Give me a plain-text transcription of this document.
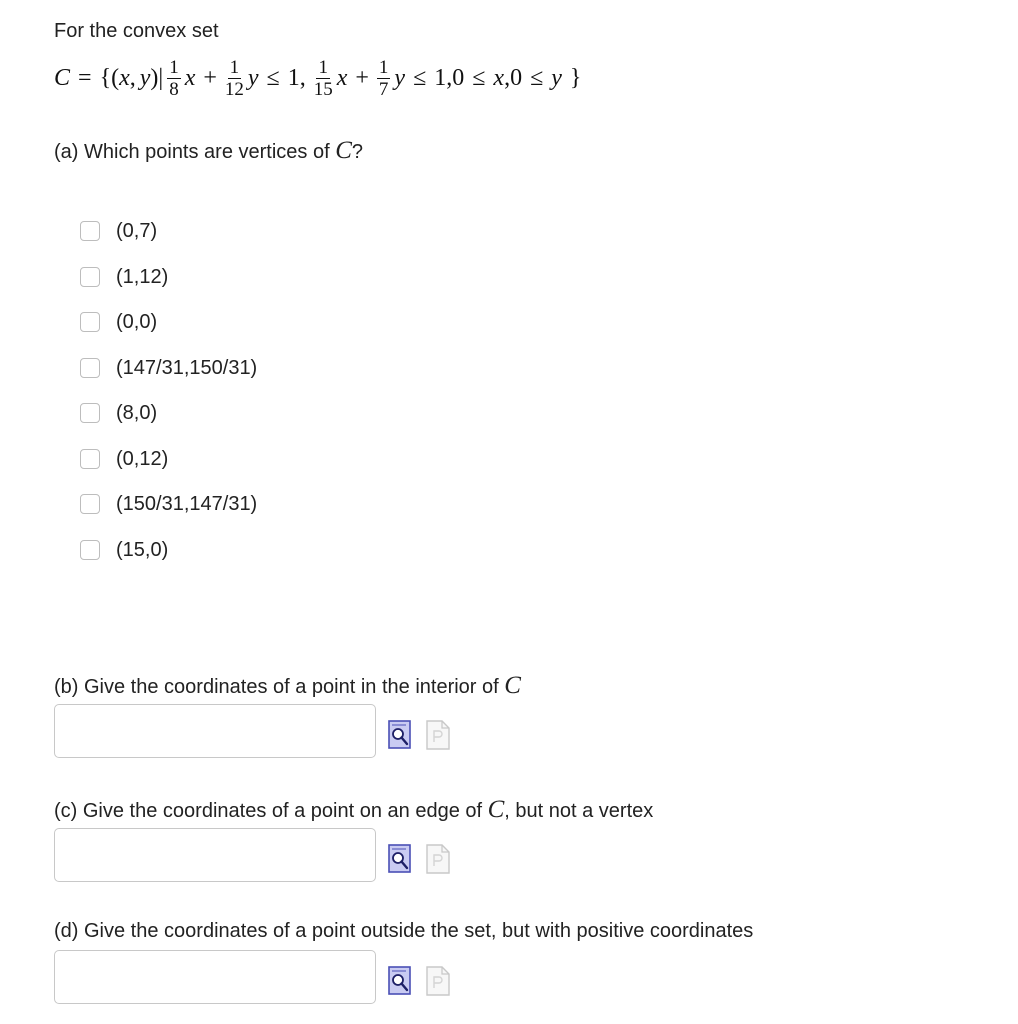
For the convex set
C = {( x , y )| $\frac{1}{8}$ $x + \frac{1}{12}$ y ≤ 1 , $\frac{1}{15}$ $x + \frac{1}{7}$ y ≤ 1 , 0 ≤ x , 0 ≤ y }
(a) Which points are vertices of C?
(0,7)
(1,12)
(0,0)
(147/31,150/31)
(8,0)
(0,12)
(150/31,147/31)
(15,0)
(b) Give the coordinates of a point in the interior of C
(c) Give the coordinates of a point on an edge of C, but not a vertex
(d) Give the coordinates of a point outside the set, but with positive coordinates
